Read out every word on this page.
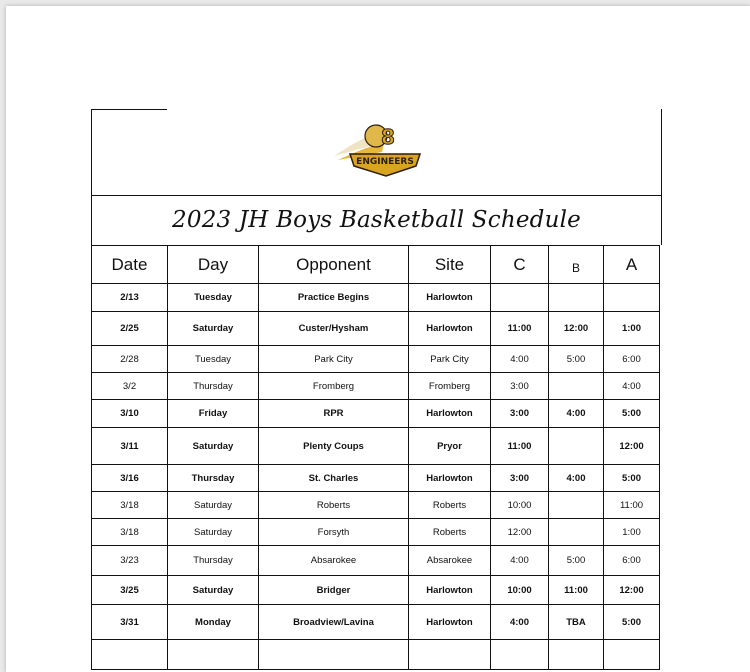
8
ENGINEERS
2023 JH Boys Basketball Schedule
Date	Day	Opponent	Site	C	B	A
2/13	Tuesday	Practice Begins	Harlowton			
2/25	Saturday	Custer/Hysham	Harlowton	11:00	12:00	1:00
2/28	Tuesday	Park City	Park City	4:00	5:00	6:00
3/2	Thursday	Fromberg	Fromberg	3:00		4:00
3/10	Friday	RPR	Harlowton	3:00	4:00	5:00
3/11	Saturday	Plenty Coups	Pryor	11:00		12:00
3/16	Thursday	St. Charles	Harlowton	3:00	4:00	5:00
3/18	Saturday	Roberts	Roberts	10:00		11:00
3/18	Saturday	Forsyth	Roberts	12:00		1:00
3/23	Thursday	Absarokee	Absarokee	4:00	5:00	6:00
3/25	Saturday	Bridger	Harlowton	10:00	11:00	12:00
3/31	Monday	Broadview/Lavina	Harlowton	4:00	TBA	5:00
